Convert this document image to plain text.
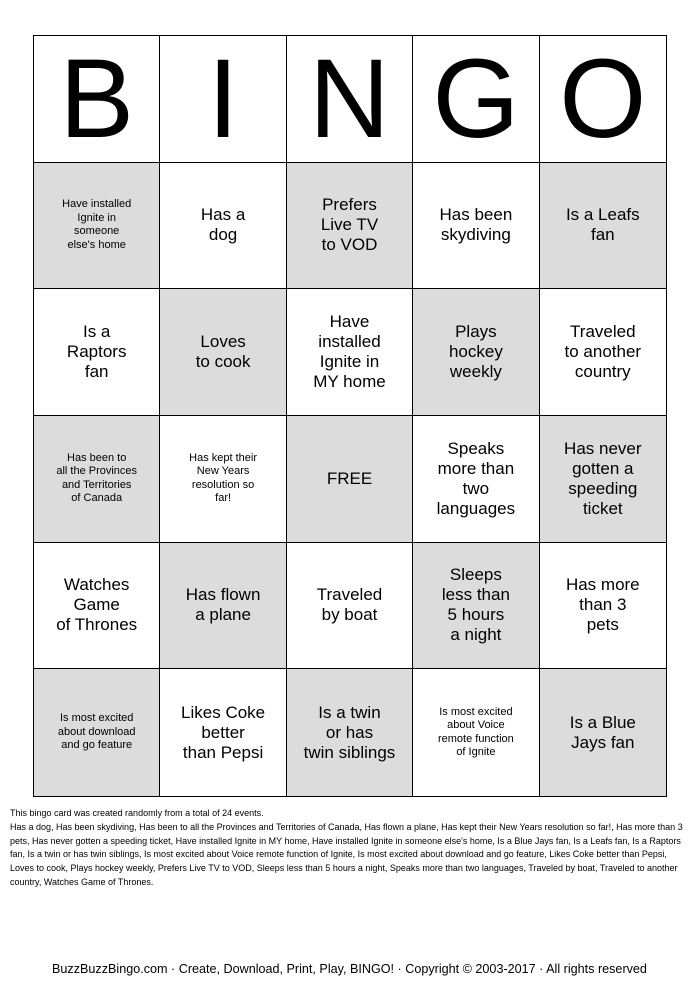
B I N G O
Have installed
Ignite in
someone
else's home
Has a
dog
Prefers
Live TV
to VOD
Has been
skydiving
Is a Leafs
fan
Is a
Raptors
fan
Loves
to cook
Have
installed
Ignite in
MY home
Plays
hockey
weekly
Traveled
to another
country
Has been to
all the Provinces
and Territories
of Canada
Has kept their
New Years
resolution so
far!
FREE
Speaks
more than
two
languages
Has never
gotten a
speeding
ticket
Watches
Game
of Thrones
Has flown
a plane
Traveled
by boat
Sleeps
less than
5 hours
a night
Has more
than 3
pets
Is most excited
about download
and go feature
Likes Coke
better
than Pepsi
Is a twin
or has
twin siblings
Is most excited
about Voice
remote function
of Ignite
Is a Blue
Jays fan
This bingo card was created randomly from a total of 24 events.
Has a dog, Has been skydiving, Has been to all the Provinces and Territories of Canada, Has flown a plane, Has kept their New Years resolution so far!, Has more than 3 pets, Has never gotten a speeding ticket, Have installed Ignite in MY home, Have installed Ignite in someone else's home, Is a Blue Jays fan, Is a Leafs fan, Is a Raptors fan, Is a twin or has twin siblings, Is most excited about Voice remote function of Ignite, Is most excited about download and go feature, Likes Coke better than Pepsi, Loves to cook, Plays hockey weekly, Prefers Live TV to VOD, Sleeps less than 5 hours a night, Speaks more than two languages, Traveled by boat, Traveled to another country, Watches Game of Thrones.
BuzzBuzzBingo.com · Create, Download, Print, Play, BINGO! · Copyright © 2003-2017 · All rights reserved
